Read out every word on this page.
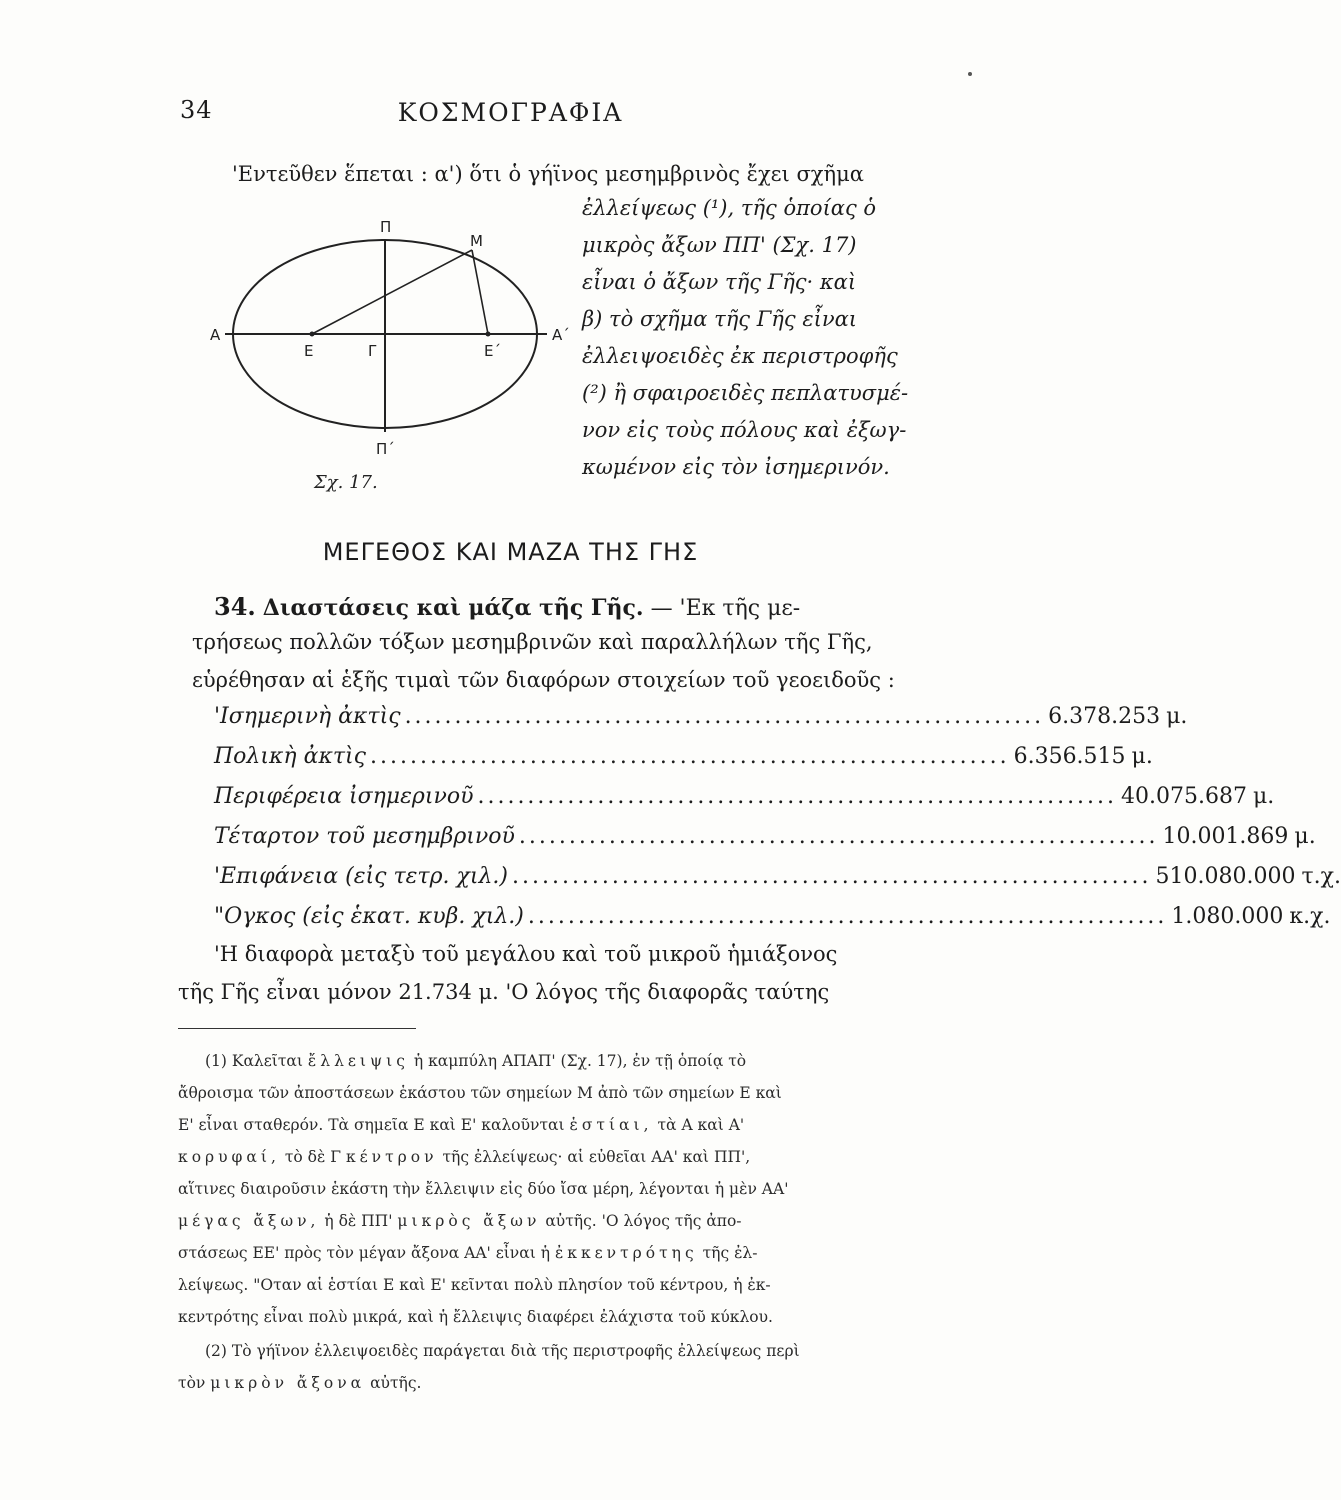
34	ΚΟΣΜΟΓΡΑΦΙΑ
'Εντεῦθεν ἕπεται : α') ὅτι ὁ γήϊνος μεσημβρινὸς ἔχει σχῆμα
ἐλλείψεως (¹), τῆς ὁποίας ὁ
μικρὸς ἄξων ΠΠ' (Σχ. 17)
εἶναι ὁ ἄξων τῆς Γῆς· καὶ
β) τὸ σχῆμα τῆς Γῆς εἶναι
ἐλλειψοειδὲς ἐκ περιστροφῆς
(²) ἢ σφαιροειδὲς πεπλατυσμέ-
νον εἰς τοὺς πόλους καὶ ἐξωγ-
κωμένον εἰς τὸν ἰσημερινόν.
Π
Μ
Α	Α΄
Ε	Γ	Ε΄
Π΄
Σχ. 17.
ΜΕΓΕΘΟΣ ΚΑΙ ΜΑΖΑ ΤΗΣ ΓΗΣ
34. Διαστάσεις καὶ μάζα τῆς Γῆς. — 'Εκ τῆς με-
τρήσεως πολλῶν τόξων μεσημβρινῶν καὶ παραλλήλων τῆς Γῆς,
εὑρέθησαν αἱ ἑξῆς τιμαὶ τῶν διαφόρων στοιχείων τοῦ γεοειδοῦς :
'Ισημερινὴ ἀκτὶς ................................................................ 6.378.253 μ.
Πολικὴ ἀκτὶς ................................................................ 6.356.515 μ.
Περιφέρεια ἰσημερινοῦ ................................................................ 40.075.687 μ.
Τέταρτον τοῦ μεσημβρινοῦ ................................................................ 10.001.869 μ.
'Επιφάνεια (εἰς τετρ. χιλ.) ................................................................ 510.080.000 τ.χ.
"Ογκος (εἰς ἑκατ. κυβ. χιλ.) ................................................................ 1.080.000 κ.χ.
'Η διαφορὰ μεταξὺ τοῦ μεγάλου καὶ τοῦ μικροῦ ἡμιάξονος
τῆς Γῆς εἶναι μόνον 21.734 μ. 'Ο λόγος τῆς διαφορᾶς ταύτης
(1) Καλεῖται ἔλλειψις ἡ καμπύλη ΑΠΑΠ' (Σχ. 17), ἐν τῇ ὁποίᾳ τὸ
ἄθροισμα τῶν ἀποστάσεων ἑκάστου τῶν σημείων Μ ἀπὸ τῶν σημείων Ε καὶ
Ε' εἶναι σταθερόν. Τὰ σημεῖα Ε καὶ Ε' καλοῦνται ἑστίαι, τὰ Α καὶ Α'
κορυφαί, τὸ δὲ Γ κέντρον τῆς ἐλλείψεως· αἱ εὐθεῖαι ΑΑ' καὶ ΠΠ',
αἵτινες διαιροῦσιν ἑκάστη τὴν ἔλλειψιν εἰς δύο ἴσα μέρη, λέγονται ἡ μὲν ΑΑ'
μέγας ἄξων, ἡ δὲ ΠΠ' μικρὸς ἄξων αὐτῆς. 'Ο λόγος τῆς ἀπο-
στάσεως ΕΕ' πρὸς τὸν μέγαν ἄξονα ΑΑ' εἶναι ἡ ἐκκεντρότης τῆς ἐλ-
λείψεως. "Οταν αἱ ἑστίαι Ε καὶ Ε' κεῖνται πολὺ πλησίον τοῦ κέντρου, ἡ ἐκ-
κεντρότης εἶναι πολὺ μικρά, καὶ ἡ ἔλλειψις διαφέρει ἐλάχιστα τοῦ κύκλου.
(2) Τὸ γήϊνον ἐλλειψοειδὲς παράγεται διὰ τῆς περιστροφῆς ἐλλείψεως περὶ
τὸν μικρὸν ἄξονα αὐτῆς.
